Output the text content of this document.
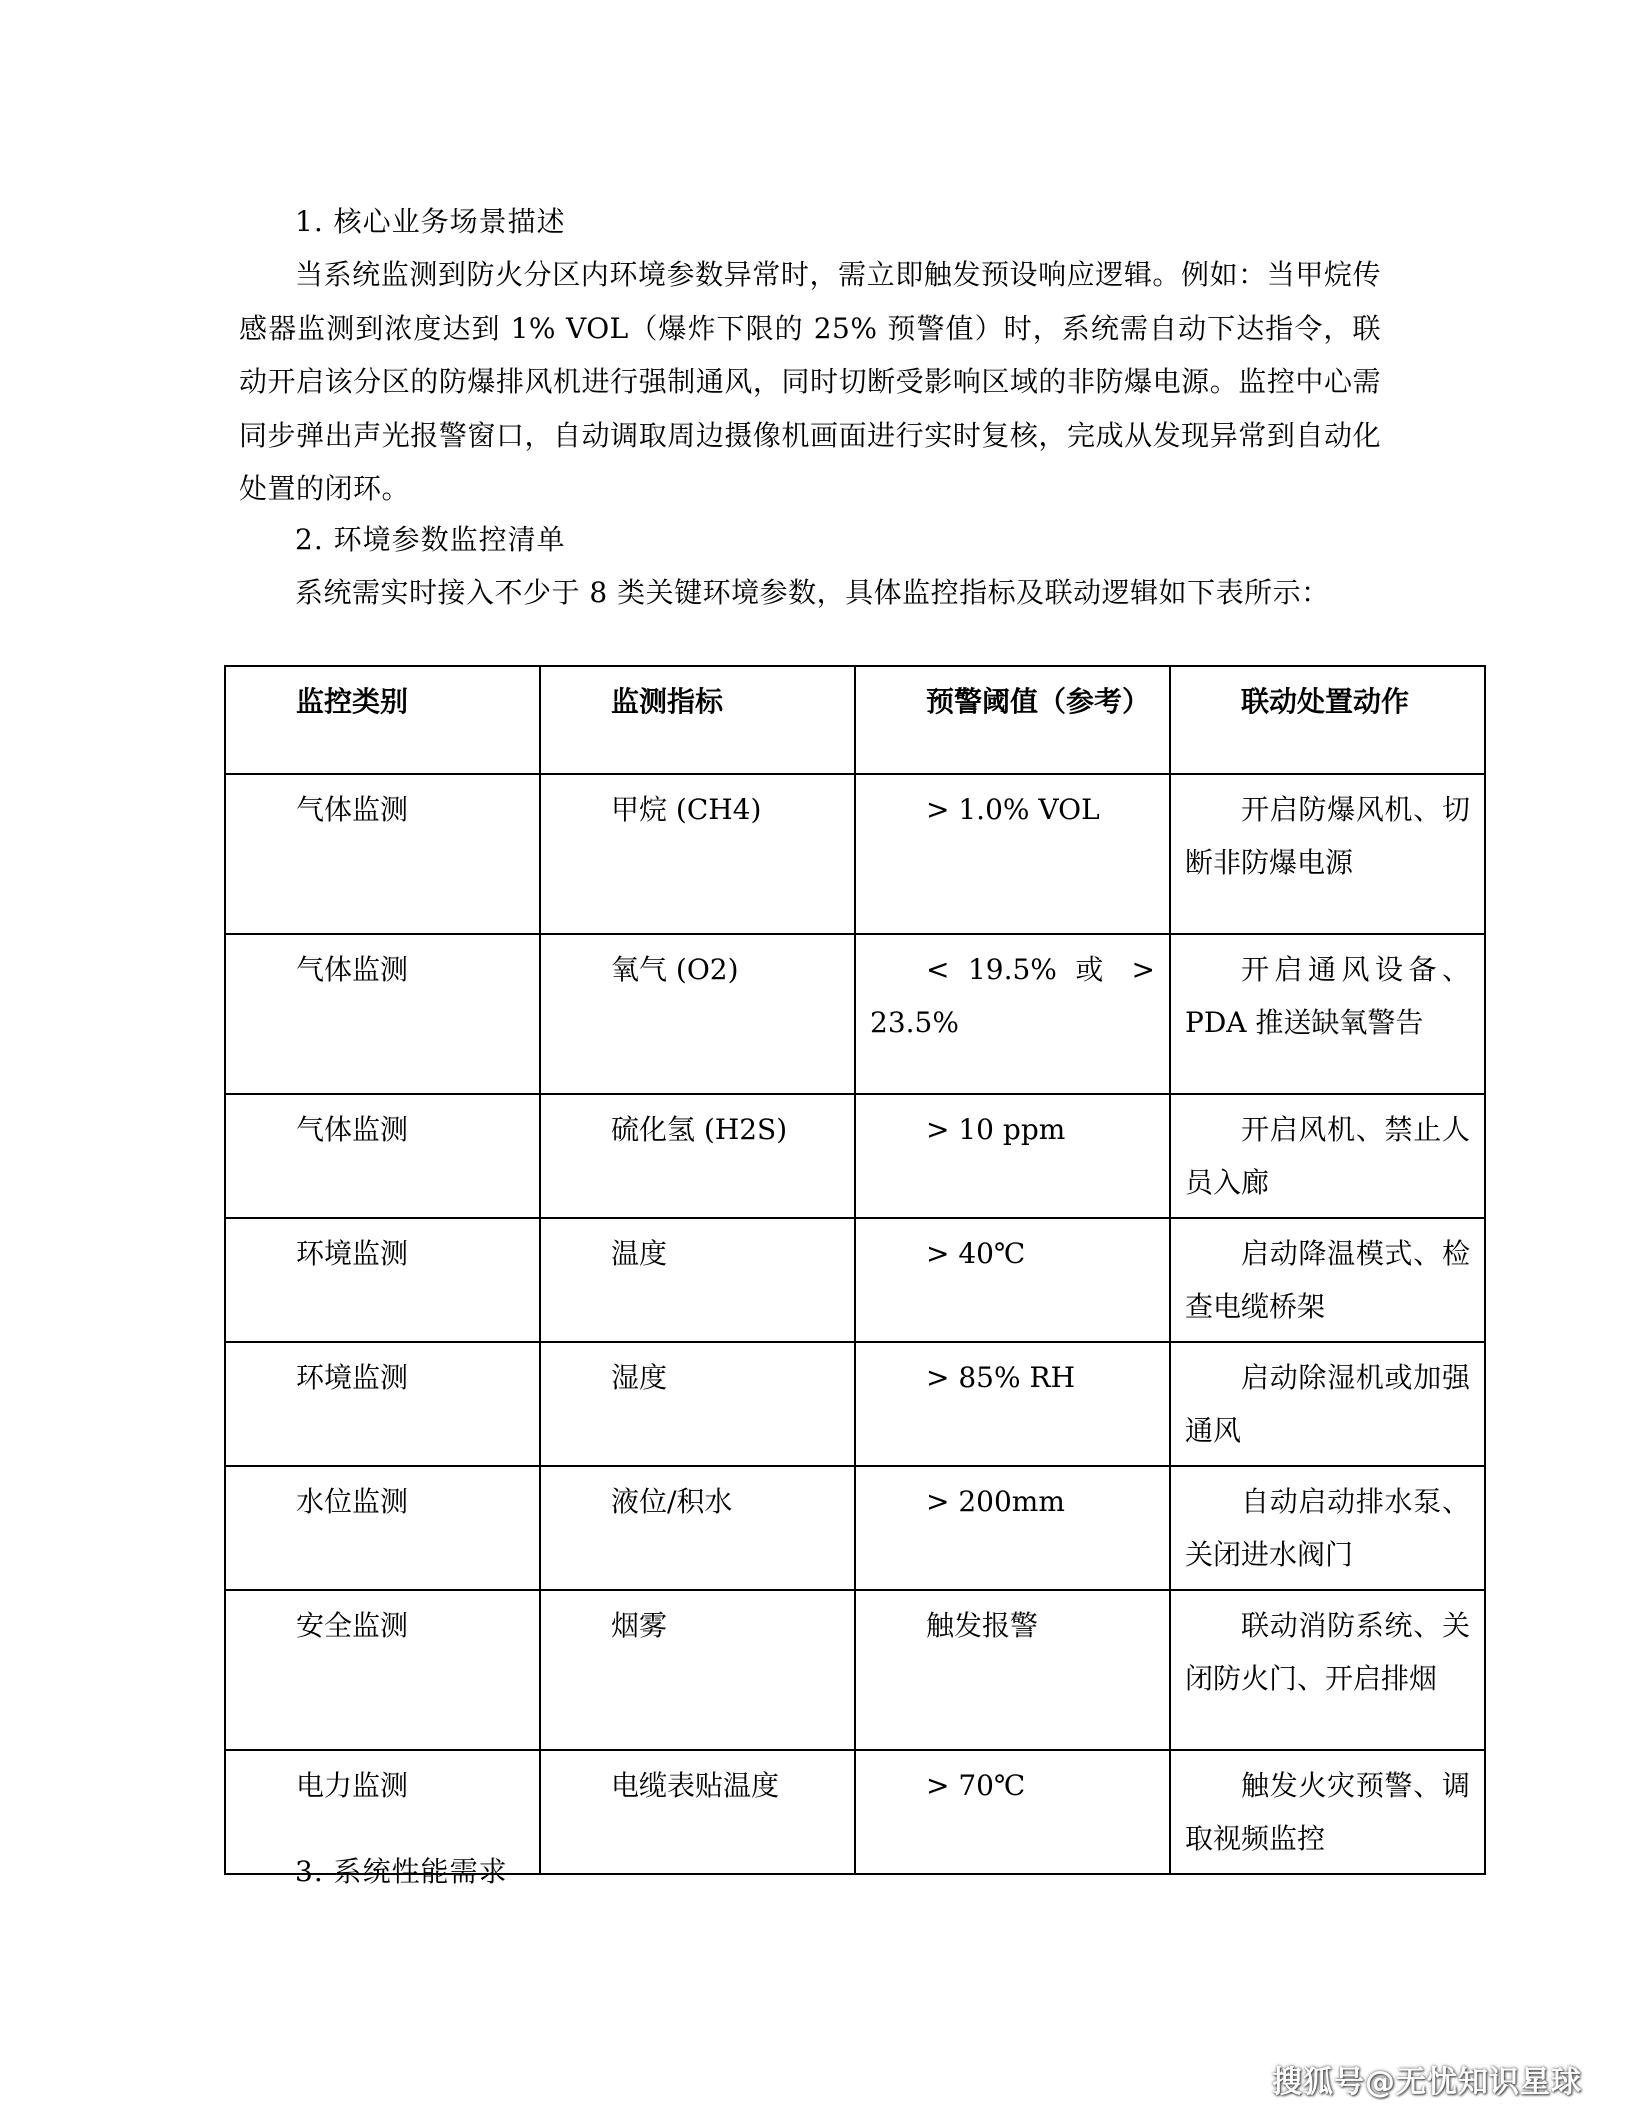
1. 核心业务场景描述
当系统监测到防火分区内环境参数异常时，需立即触发预设响应逻辑。例如：当甲烷传感器监测到浓度达到 1% VOL（爆炸下限的 25% 预警值）时，系统需自动下达指令，联动开启该分区的防爆排风机进行强制通风，同时切断受影响区域的非防爆电源。监控中心需同步弹出声光报警窗口，自动调取周边摄像机画面进行实时复核，完成从发现异常到自动化处置的闭环。
2. 环境参数监控清单
系统需实时接入不少于 8 类关键环境参数，具体监控指标及联动逻辑如下表所示：
监控类别	监测指标	预警阈值（参考）	联动处置动作
气体监测	甲烷 (CH4)	> 1.0% VOL	开启防爆风机、切断非防爆电源
气体监测	氧气 (O2)	< 19.5% 或 > 23.5%	开启通风设备、PDA 推送缺氧警告
气体监测	硫化氢 (H2S)	> 10 ppm	开启风机、禁止人员入廊
环境监测	温度	> 40℃	启动降温模式、检查电缆桥架
环境监测	湿度	> 85% RH	启动除湿机或加强通风
水位监测	液位/积水	> 200mm	自动启动排水泵、关闭进水阀门
安全监测	烟雾	触发报警	联动消防系统、关闭防火门、开启排烟
电力监测	电缆表贴温度	> 70℃	触发火灾预警、调取视频监控
3. 系统性能需求
搜狐号@无忧知识星球
